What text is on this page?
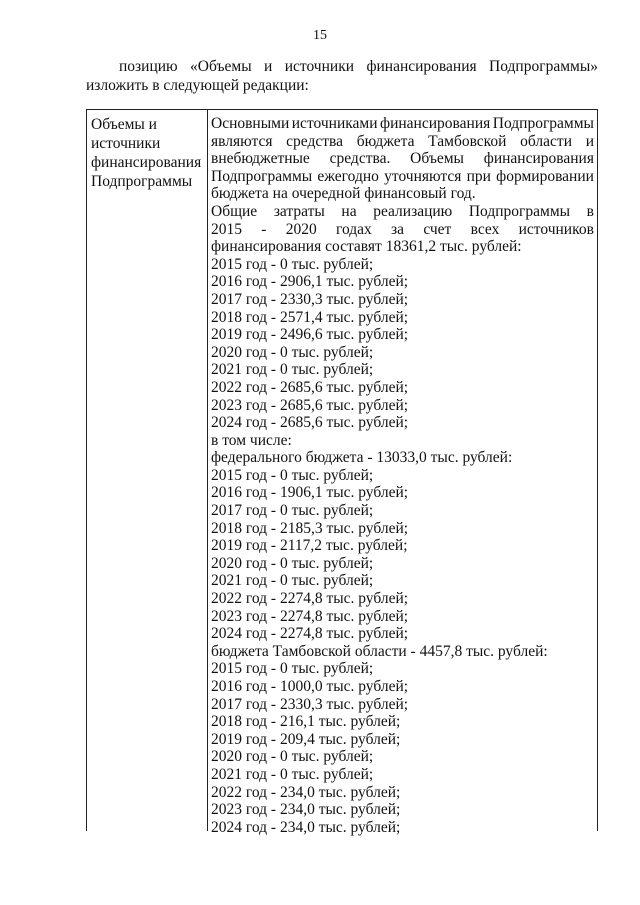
15
позицию «Объемы и источники финансирования Подпрограммы»
изложить в следующей редакции:
Объемы и
источники
финансирования
Подпрограммы
Основными источниками финансирования Подпрограммы
являются средства бюджета Тамбовской области и
внебюджетные средства. Объемы финансирования
Подпрограммы ежегодно уточняются при формировании
бюджета на очередной финансовый год.
Общие затраты на реализацию Подпрограммы в
2015 - 2020 годах за счет всех источников
финансирования составят 18361,2 тыс. рублей:
2015 год - 0 тыс. рублей;
2016 год - 2906,1 тыс. рублей;
2017 год - 2330,3 тыс. рублей;
2018 год - 2571,4 тыс. рублей;
2019 год - 2496,6 тыс. рублей;
2020 год - 0 тыс. рублей;
2021 год - 0 тыс. рублей;
2022 год - 2685,6 тыс. рублей;
2023 год - 2685,6 тыс. рублей;
2024 год - 2685,6 тыс. рублей;
в том числе:
федерального бюджета - 13033,0 тыс. рублей:
2015 год - 0 тыс. рублей;
2016 год - 1906,1 тыс. рублей;
2017 год - 0 тыс. рублей;
2018 год - 2185,3 тыс. рублей;
2019 год - 2117,2 тыс. рублей;
2020 год - 0 тыс. рублей;
2021 год - 0 тыс. рублей;
2022 год - 2274,8 тыс. рублей;
2023 год - 2274,8 тыс. рублей;
2024 год - 2274,8 тыс. рублей;
бюджета Тамбовской области - 4457,8 тыс. рублей:
2015 год - 0 тыс. рублей;
2016 год - 1000,0 тыс. рублей;
2017 год - 2330,3 тыс. рублей;
2018 год - 216,1 тыс. рублей;
2019 год - 209,4 тыс. рублей;
2020 год - 0 тыс. рублей;
2021 год - 0 тыс. рублей;
2022 год - 234,0 тыс. рублей;
2023 год - 234,0 тыс. рублей;
2024 год - 234,0 тыс. рублей;
